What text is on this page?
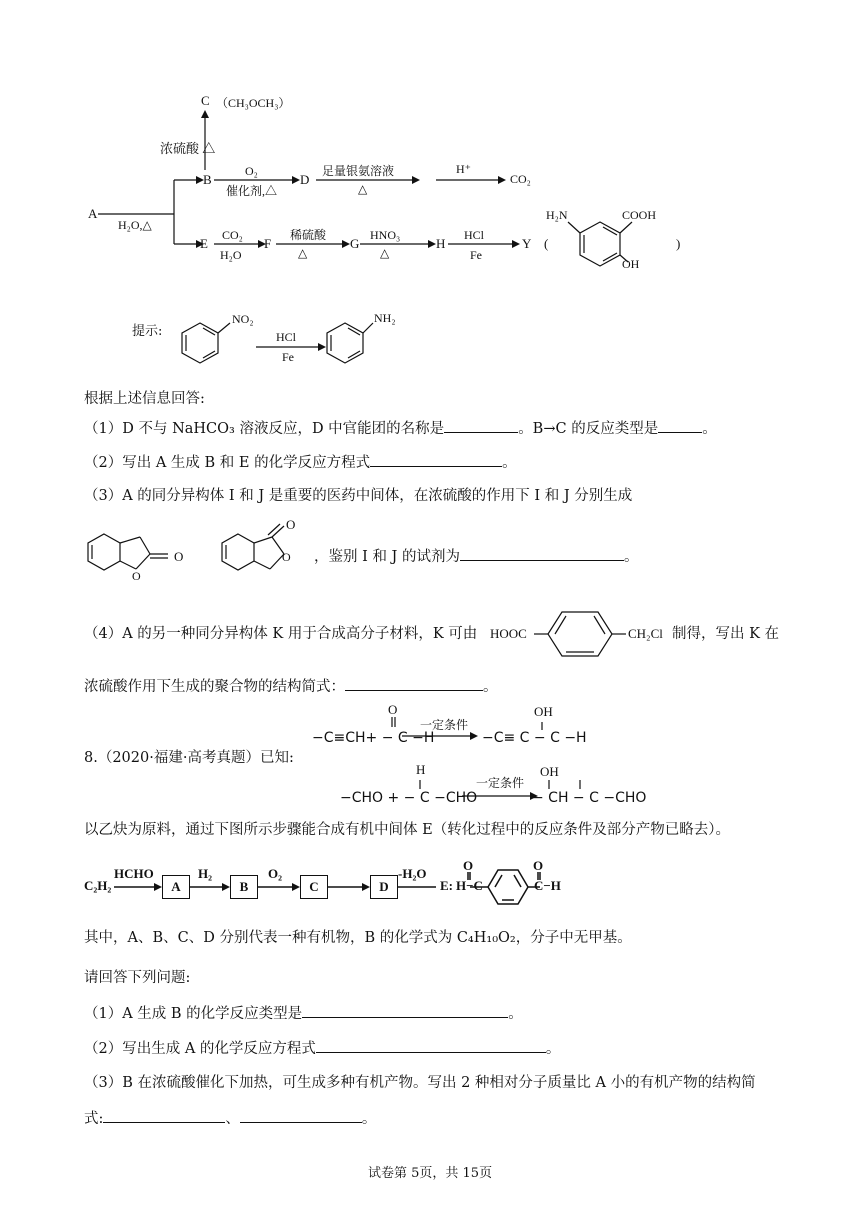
A
H₂O,△
C （CH₃OCH₃）
浓硫酸 △
B
O₂
催化剂,△
D
足量银氨溶液
△
H⁺
CO₂
E
CO₂
H₂O
F
稀硫酸
△
G
HNO₃
△
H
HCl
Fe
Y (
H₂N	COOH
OH
)
提示:
NO₂
HCl
Fe
NH₂
根据上述信息回答:
（1）D 不与 NaHCO₃ 溶液反应，D 中官能团的名称是	。B→C 的反应类型是	。
（2）写出 A 生成 B 和 E 的化学反应方程式	。
（3）A 的同分异构体 I 和 J 是重要的医药中间体，在浓硫酸的作用下 I 和 J 分别生成
O
O
O
O ，鉴别 I 和 J 的试剂为	。
（4）A 的另一种同分异构体 K 用于合成高分子材料，K 可由 HOOC	CH₂Cl 制得，写出 K 在
浓硫酸作用下生成的聚合物的结构简式：	。
8.（2020·福建·高考真题）已知:
−C≡CH+ − C −H
O
一定条件
−C≡ C − C −H
OH
−CHO + − C −CHO
H
一定条件
− CH − C −CHO
OH
以乙炔为原料，通过下图所示步骤能合成有机中间体 E（转化过程中的反应条件及部分产物已略去）。
C₂H₂
HCHO
A
H₂
B
O₂
C	D
-H₂O
E: H−C
O
C−H
O
其中，A、B、C、D 分别代表一种有机物，B 的化学式为 C₄H₁₀O₂，分子中无甲基。
请回答下列问题:
（1）A 生成 B 的化学反应类型是	。
（2）写出生成 A 的化学反应方程式	。
（3）B 在浓硫酸催化下加热，可生成多种有机产物。写出 2 种相对分子质量比 A 小的有机产物的结构简
式:	、	。
试卷第 5页，共 15页
